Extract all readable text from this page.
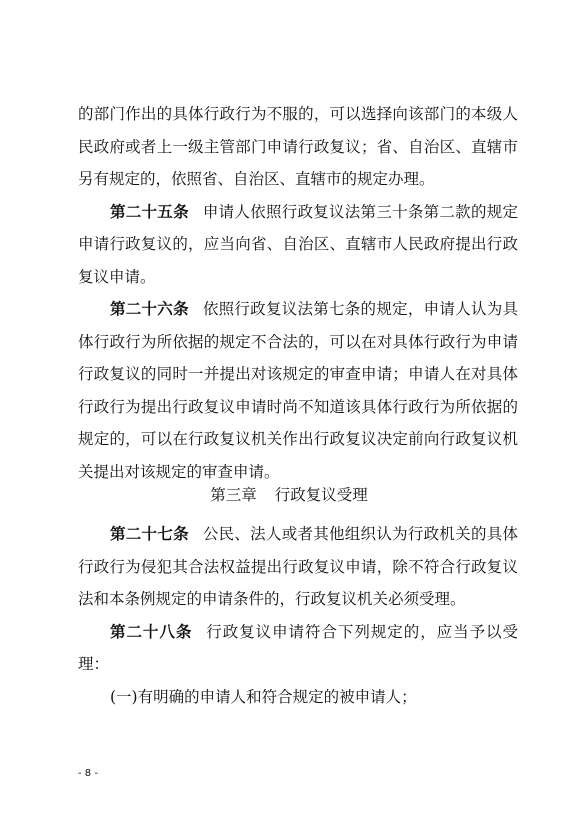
的部门作出的具体行政行为不服的，可以选择向该部门的本级人民政府或者上一级主管部门申请行政复议；省、自治区、直辖市另有规定的，依照省、自治区、直辖市的规定办理。

第二十五条 申请人依照行政复议法第三十条第二款的规定申请行政复议的，应当向省、自治区、直辖市人民政府提出行政复议申请。

第二十六条 依照行政复议法第七条的规定，申请人认为具体行政行为所依据的规定不合法的，可以在对具体行政行为申请行政复议的同时一并提出对该规定的审查申请；申请人在对具体行政行为提出行政复议申请时尚不知道该具体行政行为所依据的规定的，可以在行政复议机关作出行政复议决定前向行政复议机关提出对该规定的审查申请。

第三章 行政复议受理

第二十七条 公民、法人或者其他组织认为行政机关的具体行政行为侵犯其合法权益提出行政复议申请，除不符合行政复议法和本条例规定的申请条件的，行政复议机关必须受理。

第二十八条 行政复议申请符合下列规定的，应当予以受理：

(一)有明确的申请人和符合规定的被申请人；

- 8 -
